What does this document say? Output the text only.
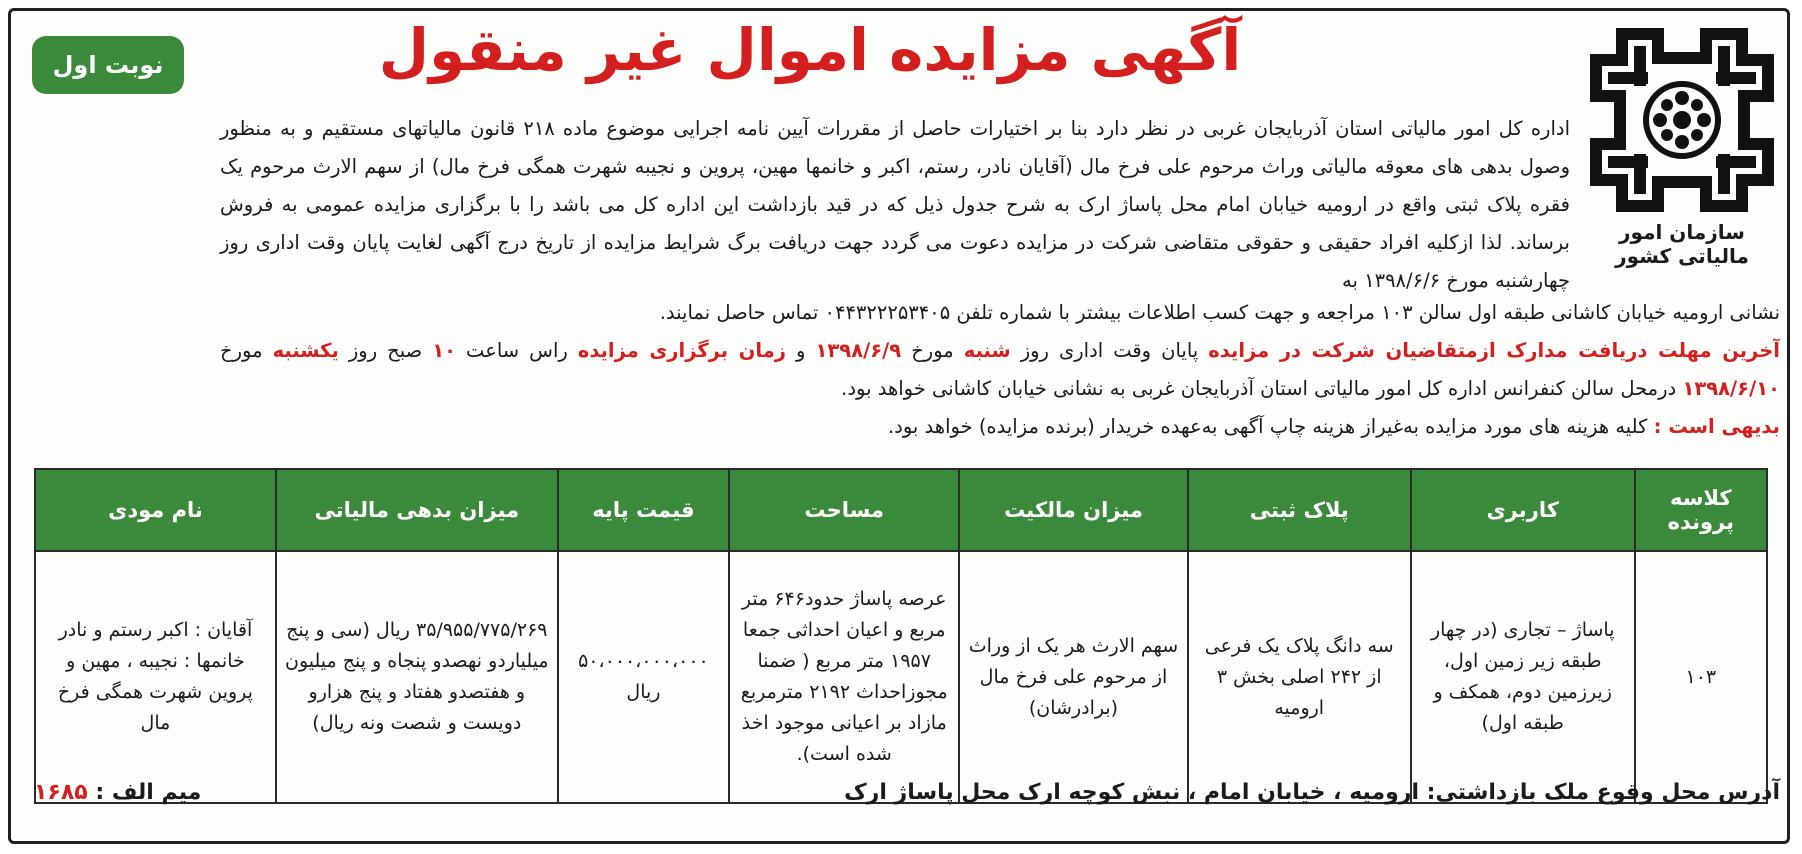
سازمان امور مالیاتی کشور
نوبت اول	آگهی مزایده اموال غیر منقول
اداره کل امور مالیاتی استان آذربایجان غربی در نظر دارد بنا بر اختیارات حاصل از مقررات آیین نامه اجرایی موضوع ماده ۲۱۸ قانون مالیاتهای مستقیم و به منظور وصول بدهی های معوقه مالیاتی وراث مرحوم علی فرخ مال (آقایان نادر، رستم، اکبر و خانمها مهین، پروین و نجیبه شهرت همگی فرخ مال) از سهم الارث مرحوم یک فقره پلاک ثبتی واقع در ارومیه خیابان امام محل پاساژ ارک به شرح جدول ذیل که در قید بازداشت این اداره کل می باشد را با برگزاری مزایده عمومی به فروش برساند. لذا ازکلیه افراد حقیقی و حقوقی متقاضی شرکت در مزایده دعوت می گردد جهت دریافت برگ شرایط مزایده از تاریخ درج آگهی لغایت پایان وقت اداری روز چهارشنبه مورخ ۱۳۹۸/۶/۶ به
نشانی ارومیه خیابان کاشانی طبقه اول سالن ۱۰۳ مراجعه و جهت کسب اطلاعات بیشتر با شماره تلفن ۰۴۴۳۲۲۲۵۳۴۰۵ تماس حاصل نمایند.
آخرین مهلت دریافت مدارک ازمتقاضیان شرکت در مزایده پایان وقت اداری روز شنبه مورخ ۱۳۹۸/۶/۹ و زمان برگزاری مزایده راس ساعت ۱۰ صبح روز یکشنبه مورخ ۱۳۹۸/۶/۱۰ درمحل سالن کنفرانس اداره کل امور مالیاتی استان آذربایجان غربی به نشانی خیابان کاشانی خواهد بود.
بدیهی است : کلیه هزینه های مورد مزایده به‌غیراز هزینه چاپ آگهی به‌عهده خریدار (برنده مزایده) خواهد بود.
کلاسه پرونده	کاربری	پلاک ثبتی	میزان مالکیت	مساحت	قیمت پایه	میزان بدهی مالیاتی	نام مودی
۱۰۳	پاساژ – تجاری (در چهار طبقه زیر زمین اول، زیرزمین دوم، همکف و طبقه اول)	سه دانگ پلاک یک فرعی از ۲۴۲ اصلی بخش ۳ ارومیه	سهم الارث هر یک از وراث از مرحوم علی فرخ مال (برادرشان)	عرصه پاساژ حدود۶۴۶ متر مربع و اعیان احداثی جمعا ۱۹۵۷ متر مربع ( ضمنا مجوزاحداث ۲۱۹۲ مترمربع مازاد بر اعیانی موجود اخذ شده است).	۵۰،۰۰۰،۰۰۰،۰۰۰ ریال	۳۵/۹۵۵/۷۷۵/۲۶۹ ریال (سی و پنج میلیاردو نهصدو پنجاه و پنج میلیون و هفتصدو هفتاد و پنج هزارو دویست و شصت ونه ریال)	آقایان : اکبر رستم و نادر خانمها : نجیبه ، مهین و پروین شهرت همگی فرخ مال
آدرس محل وقوع ملک بازداشتی: ارومیه ، خیابان امام ، نبش کوچه ارک محل پاساژ ارک
میم الف : ۱۶۸۵
